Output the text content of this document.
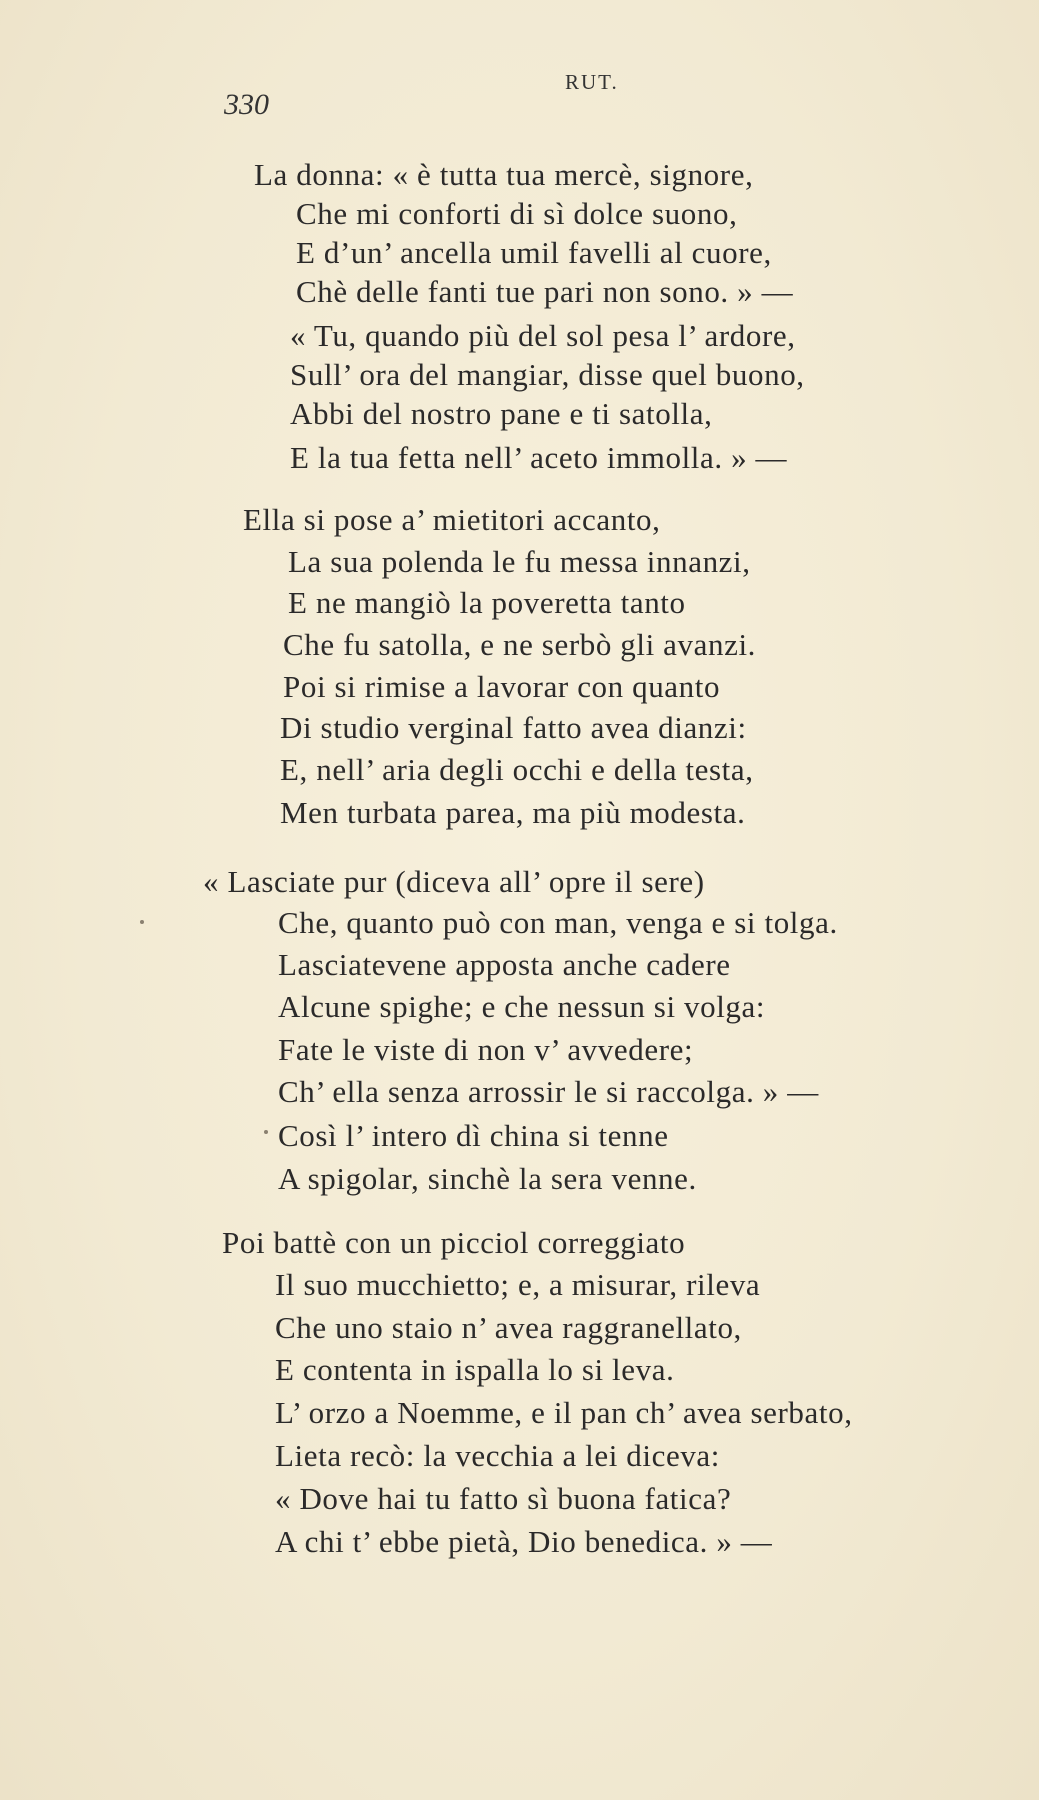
330
RUT.
La donna: « è tutta tua mercè, signore,
Che mi conforti di sì dolce suono,
E d’un’ ancella umil favelli al cuore,
Chè delle fanti tue pari non sono. » —
« Tu, quando più del sol pesa l’ ardore,
Sull’ ora del mangiar, disse quel buono,
Abbi del nostro pane e ti satolla,
E la tua fetta nell’ aceto immolla. » —
Ella si pose a’ mietitori accanto,
La sua polenda le fu messa innanzi,
E ne mangiò la poveretta tanto
Che fu satolla, e ne serbò gli avanzi.
Poi si rimise a lavorar con quanto
Di studio verginal fatto avea dianzi:
E, nell’ aria degli occhi e della testa,
Men turbata parea, ma più modesta.
« Lasciate pur (diceva all’ opre il sere)
Che, quanto può con man, venga e si tolga.
Lasciatevene apposta anche cadere
Alcune spighe; e che nessun si volga:
Fate le viste di non v’ avvedere;
Ch’ ella senza arrossir le si raccolga. » —
Così l’ intero dì china si tenne
A spigolar, sinchè la sera venne.
Poi battè con un picciol correggiato
Il suo mucchietto; e, a misurar, rileva
Che uno staio n’ avea raggranellato,
E contenta in ispalla lo si leva.
L’ orzo a Noemme, e il pan ch’ avea serbato,
Lieta recò: la vecchia a lei diceva:
« Dove hai tu fatto sì buona fatica?
A chi t’ ebbe pietà, Dio benedica. » —
